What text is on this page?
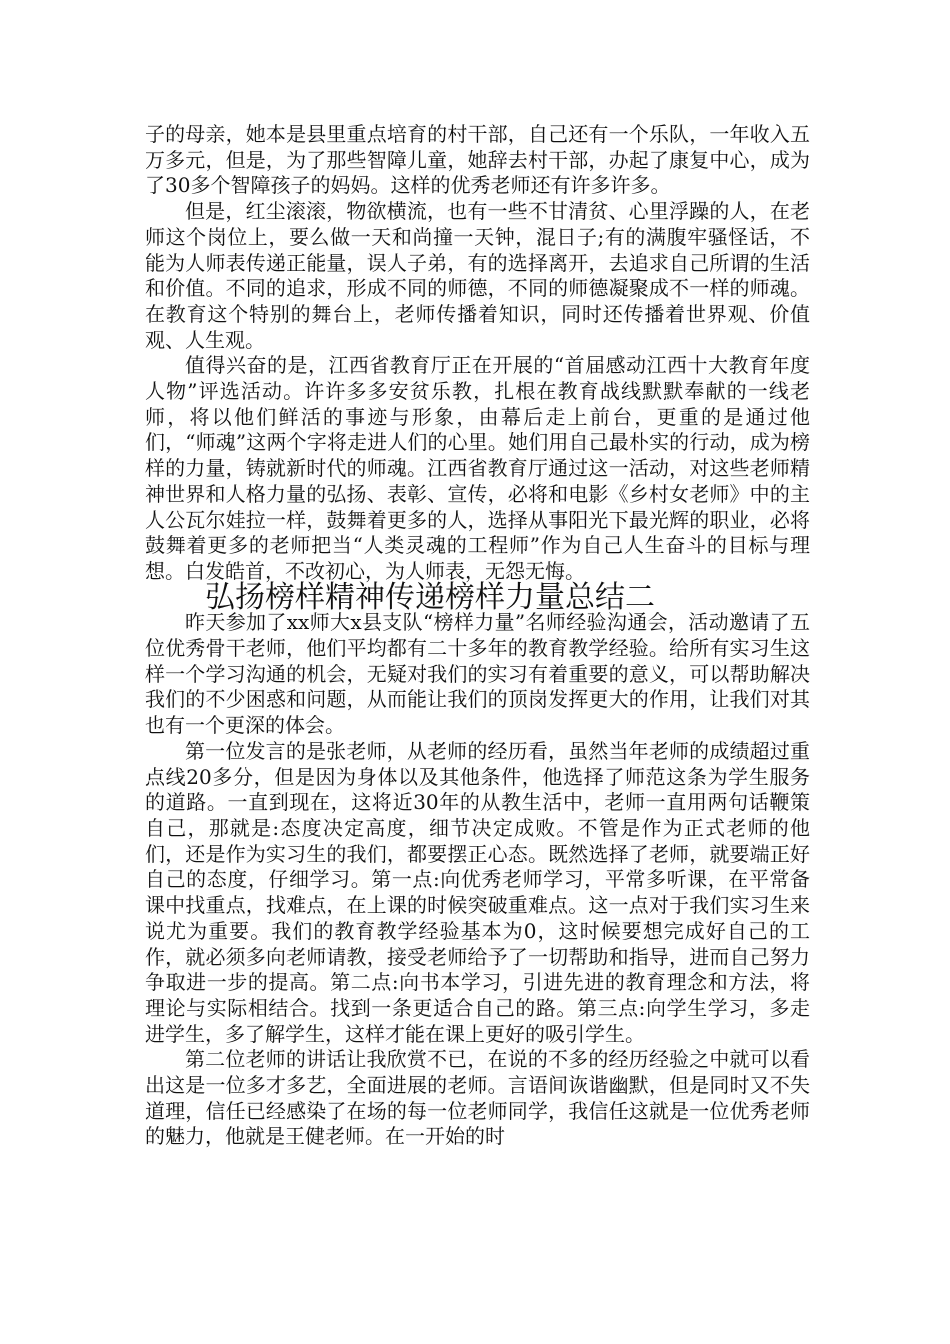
子的母亲，她本是县里重点培育的村干部，自己还有一个乐队，一年收入五万多元，但是，为了那些智障儿童，她辞去村干部，办起了康复中心，成为了30多个智障孩子的妈妈。这样的优秀老师还有许多许多。

但是，红尘滚滚，物欲横流，也有一些不甘清贫、心里浮躁的人，在老师这个岗位上，要么做一天和尚撞一天钟，混日子;有的满腹牢骚怪话，不能为人师表传递正能量，误人子弟，有的选择离开，去追求自己所谓的生活和价值。不同的追求，形成不同的师德，不同的师德凝聚成不一样的师魂。在教育这个特别的舞台上，老师传播着知识，同时还传播着世界观、价值观、人生观。

值得兴奋的是，江西省教育厅正在开展的“首届感动江西十大教育年度人物”评选活动。许许多多安贫乐教，扎根在教育战线默默奉献的一线老师，将以他们鲜活的事迹与形象，由幕后走上前台，更重的是通过他们，“师魂”这两个字将走进人们的心里。她们用自己最朴实的行动，成为榜样的力量，铸就新时代的师魂。江西省教育厅通过这一活动，对这些老师精神世界和人格力量的弘扬、表彰、宣传，必将和电影《乡村女老师》中的主人公瓦尔娃拉一样，鼓舞着更多的人，选择从事阳光下最光辉的职业，必将鼓舞着更多的老师把当“人类灵魂的工程师”作为自己人生奋斗的目标与理想。白发皓首，不改初心，为人师表，无怨无悔。

弘扬榜样精神传递榜样力量总结二

昨天参加了xx师大x县支队“榜样力量”名师经验沟通会，活动邀请了五位优秀骨干老师，他们平均都有二十多年的教育教学经验。给所有实习生这样一个学习沟通的机会，无疑对我们的实习有着重要的意义，可以帮助解决我们的不少困惑和问题，从而能让我们的顶岗发挥更大的作用，让我们对其也有一个更深的体会。

第一位发言的是张老师，从老师的经历看，虽然当年老师的成绩超过重点线20多分，但是因为身体以及其他条件，他选择了师范这条为学生服务的道路。一直到现在，这将近30年的从教生活中，老师一直用两句话鞭策自己，那就是:态度决定高度，细节决定成败。不管是作为正式老师的他们，还是作为实习生的我们，都要摆正心态。既然选择了老师，就要端正好自己的态度，仔细学习。第一点:向优秀老师学习，平常多听课，在平常备课中找重点，找难点，在上课的时候突破重难点。这一点对于我们实习生来说尤为重要。我们的教育教学经验基本为0，这时候要想完成好自己的工作，就必须多向老师请教，接受老师给予了一切帮助和指导，进而自己努力争取进一步的提高。第二点:向书本学习，引进先进的教育理念和方法，将理论与实际相结合。找到一条更适合自己的路。第三点:向学生学习，多走进学生，多了解学生，这样才能在课上更好的吸引学生。

第二位老师的讲话让我欣赏不已，在说的不多的经历经验之中就可以看出这是一位多才多艺，全面进展的老师。言语间诙谐幽默，但是同时又不失道理，信任已经感染了在场的每一位老师同学，我信任这就是一位优秀老师的魅力，他就是王健老师。在一开始的时
